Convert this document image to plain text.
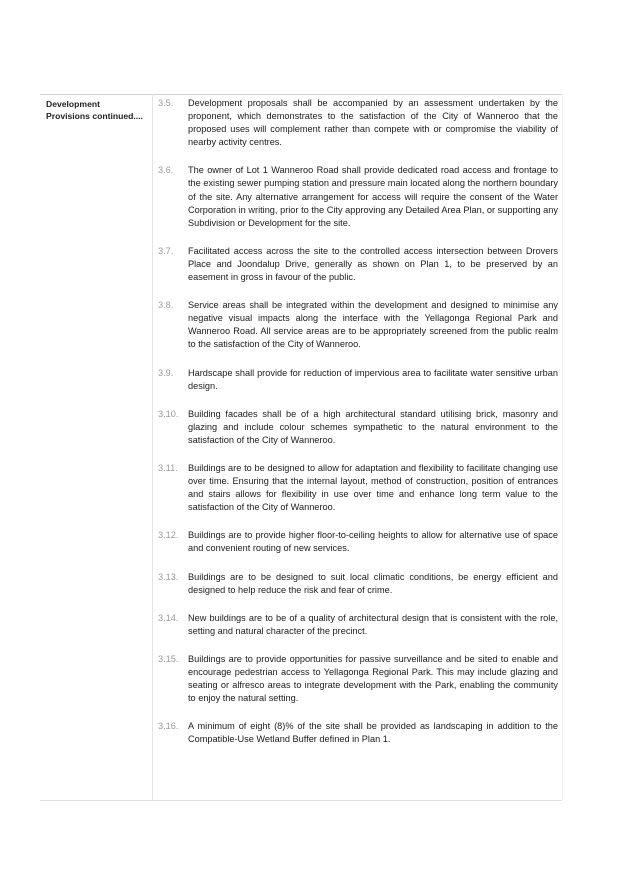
Development
Provisions continued....
3.5.	Development proposals shall be accompanied by an assessment undertaken by the proponent, which demonstrates to the satisfaction of the City of Wanneroo that the proposed uses will complement rather than compete with or compromise the viability of nearby activity centres.
3.6.	The owner of Lot 1 Wanneroo Road shall provide dedicated road access and frontage to the existing sewer pumping station and pressure main located along the northern boundary of the site. Any alternative arrangement for access will require the consent of the Water Corporation in writing, prior to the City approving any Detailed Area Plan, or supporting any Subdivision or Development for the site.
3.7.	Facilitated access across the site to the controlled access intersection between Drovers Place and Joondalup Drive, generally as shown on Plan 1, to be preserved by an easement in gross in favour of the public.
3.8.	Service areas shall be integrated within the development and designed to minimise any negative visual impacts along the interface with the Yellagonga Regional Park and Wanneroo Road. All service areas are to be appropriately screened from the public realm to the satisfaction of the City of Wanneroo.
3.9.	Hardscape shall provide for reduction of impervious area to facilitate water sensitive urban design.
3.10.	Building facades shall be of a high architectural standard utilising brick, masonry and glazing and include colour schemes sympathetic to the natural environment to the satisfaction of the City of Wanneroo.
3.11.	Buildings are to be designed to allow for adaptation and flexibility to facilitate changing use over time. Ensuring that the internal layout, method of construction, position of entrances and stairs allows for flexibility in use over time and enhance long term value to the satisfaction of the City of Wanneroo.
3.12.	Buildings are to provide higher floor-to-ceiling heights to allow for alternative use of space and convenient routing of new services.
3.13.	Buildings are to be designed to suit local climatic conditions, be energy efficient and designed to help reduce the risk and fear of crime.
3.14.	New buildings are to be of a quality of architectural design that is consistent with the role, setting and natural character of the precinct.
3.15.	Buildings are to provide opportunities for passive surveillance and be sited to enable and encourage pedestrian access to Yellagonga Regional Park. This may include glazing and seating or alfresco areas to integrate development with the Park, enabling the community to enjoy the natural setting.
3.16.	A minimum of eight (8)% of the site shall be provided as landscaping in addition to the Compatible-Use Wetland Buffer defined in Plan 1.
